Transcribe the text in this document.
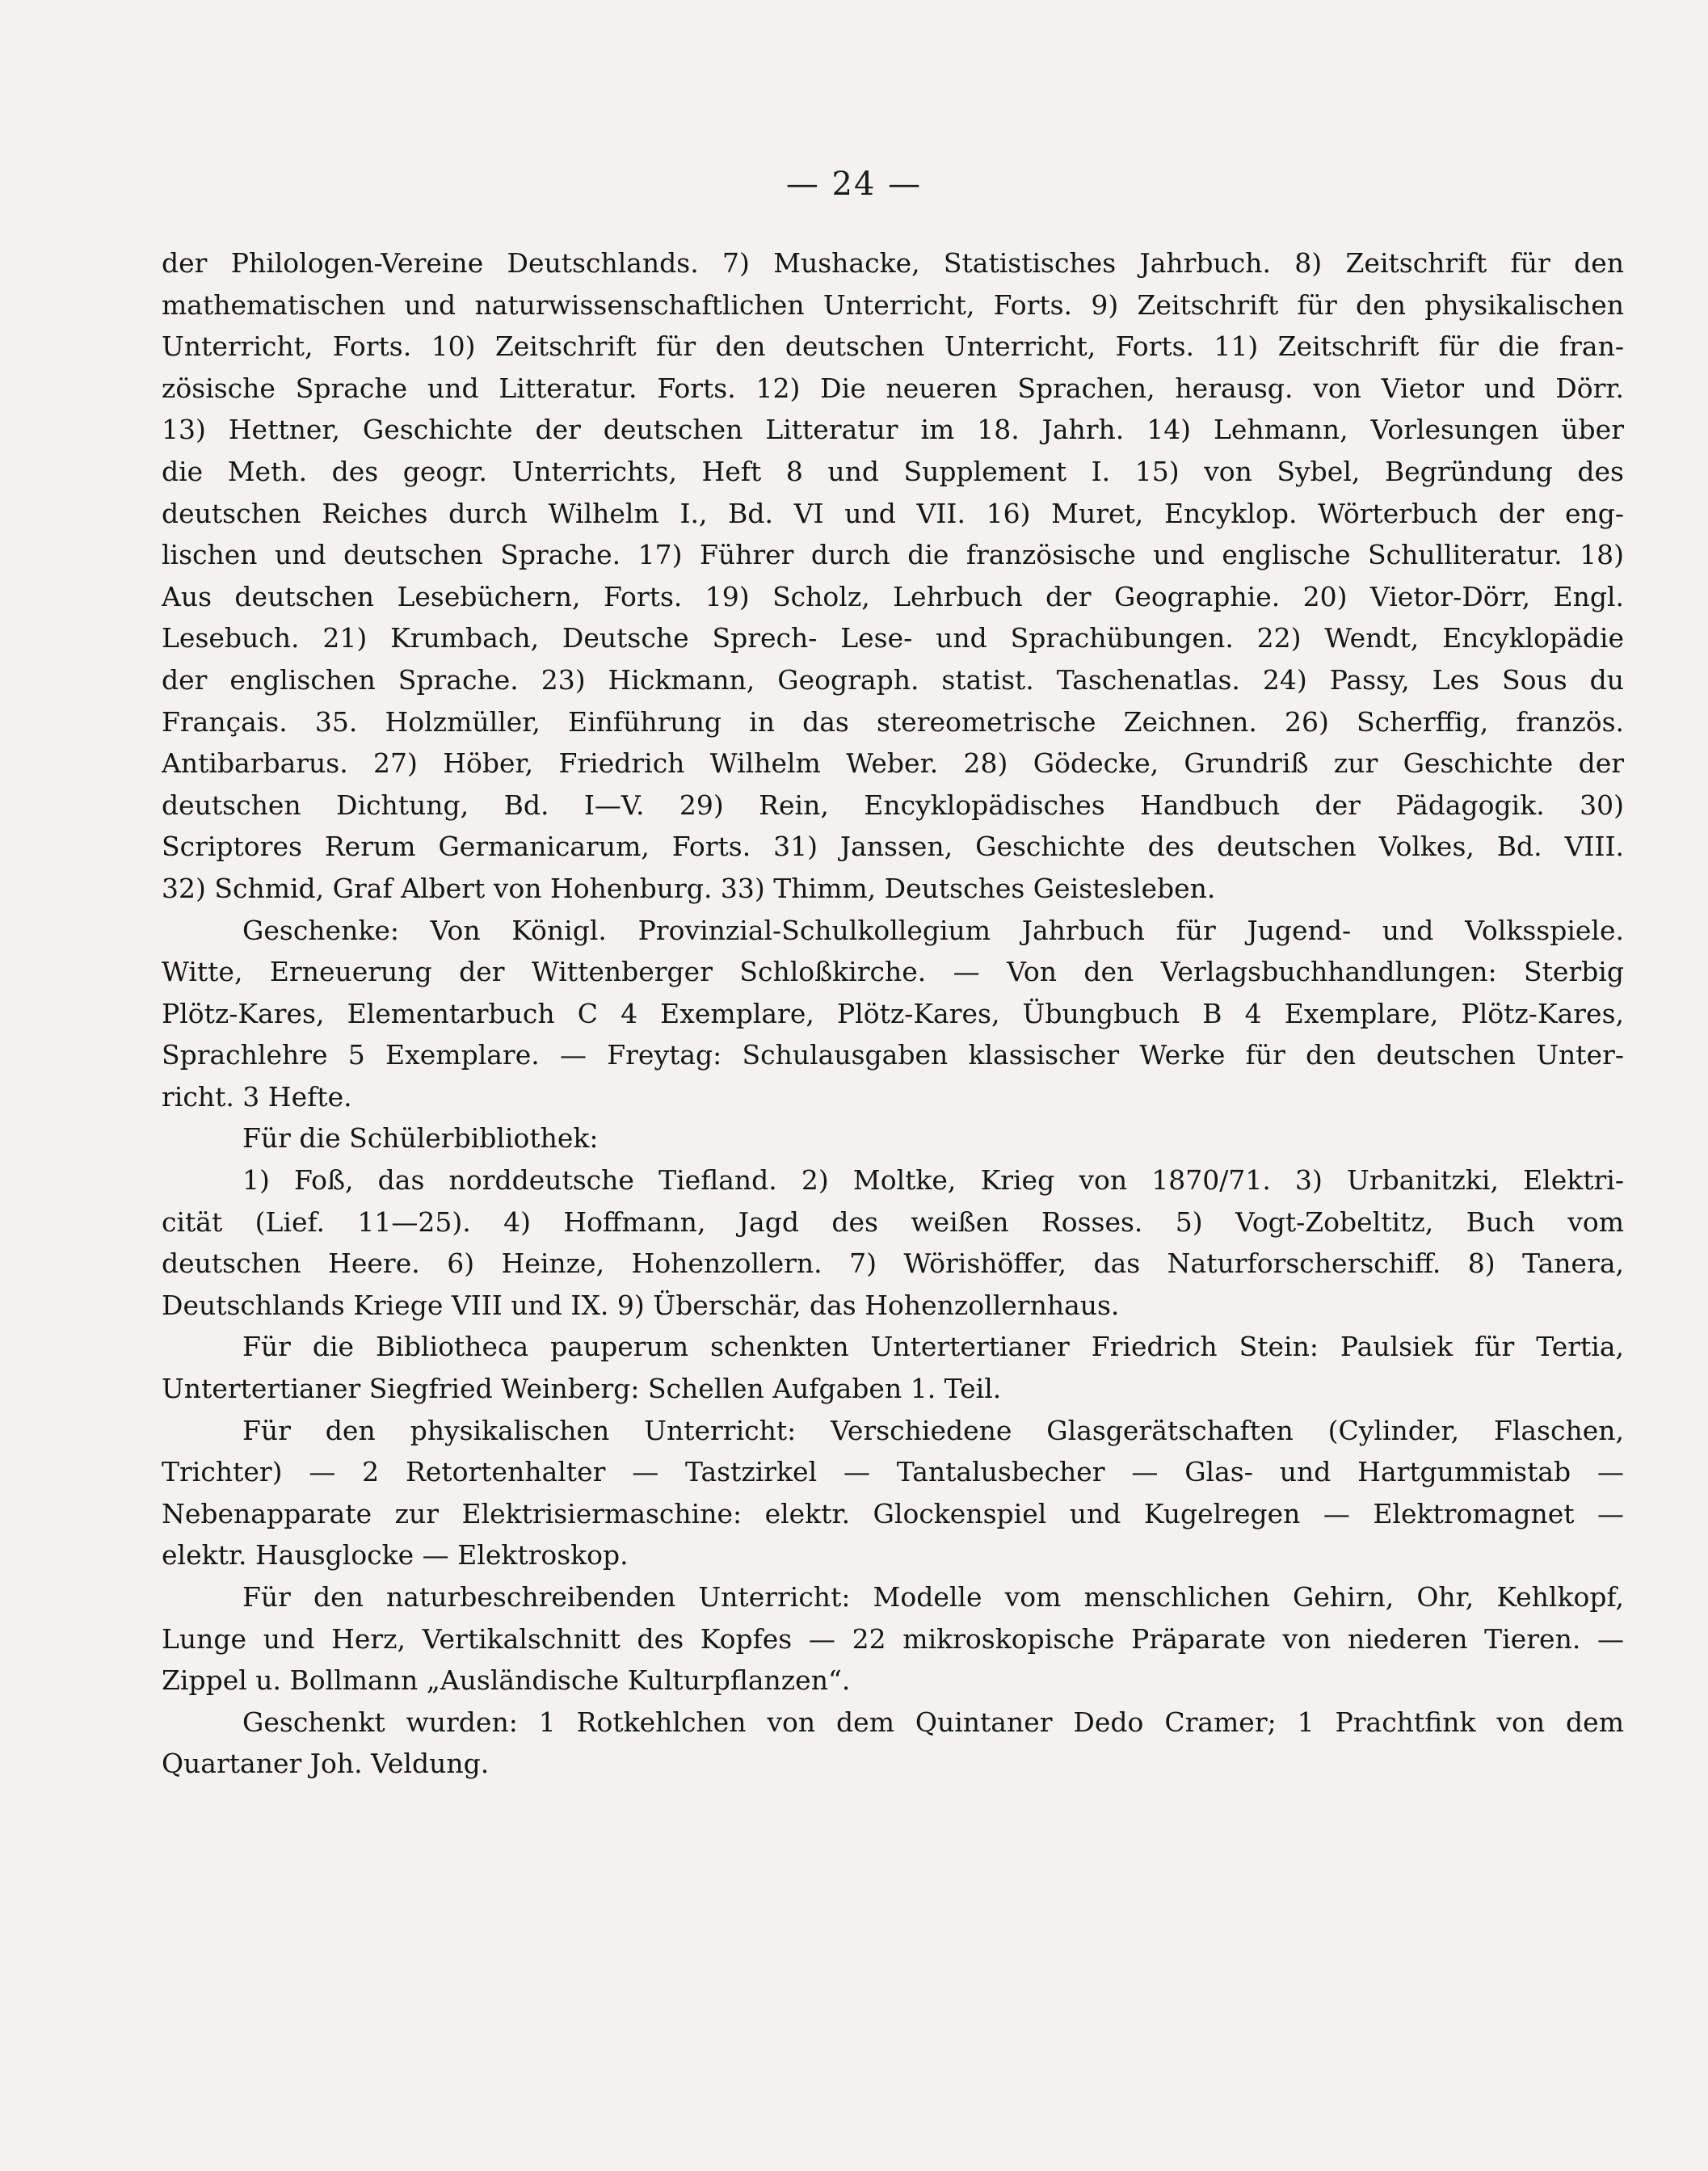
— 24 —
der Philologen-Vereine Deutschlands. 7) Mushacke, Statistisches Jahrbuch. 8) Zeitschrift für den
mathematischen und naturwissenschaftlichen Unterricht, Forts. 9) Zeitschrift für den physikalischen
Unterricht, Forts. 10) Zeitschrift für den deutschen Unterricht, Forts. 11) Zeitschrift für die fran-
zösische Sprache und Litteratur. Forts. 12) Die neueren Sprachen, herausg. von Vietor und Dörr.
13) Hettner, Geschichte der deutschen Litteratur im 18. Jahrh. 14) Lehmann, Vorlesungen über
die Meth. des geogr. Unterrichts, Heft 8 und Supplement I. 15) von Sybel, Begründung des
deutschen Reiches durch Wilhelm I., Bd. VI und VII. 16) Muret, Encyklop. Wörterbuch der eng-
lischen und deutschen Sprache. 17) Führer durch die französische und englische Schulliteratur. 18)
Aus deutschen Lesebüchern, Forts. 19) Scholz, Lehrbuch der Geographie. 20) Vietor-Dörr, Engl.
Lesebuch. 21) Krumbach, Deutsche Sprech- Lese- und Sprachübungen. 22) Wendt, Encyklopädie
der englischen Sprache. 23) Hickmann, Geograph. statist. Taschenatlas. 24) Passy, Les Sous du
Français. 35. Holzmüller, Einführung in das stereometrische Zeichnen. 26) Scherffig, französ.
Antibarbarus. 27) Höber, Friedrich Wilhelm Weber. 28) Gödecke, Grundriß zur Geschichte der
deutschen Dichtung, Bd. I—V. 29) Rein, Encyklopädisches Handbuch der Pädagogik. 30)
Scriptores Rerum Germanicarum, Forts. 31) Janssen, Geschichte des deutschen Volkes, Bd. VIII.
32) Schmid, Graf Albert von Hohenburg. 33) Thimm, Deutsches Geistesleben.
Geschenke: Von Königl. Provinzial-Schulkollegium Jahrbuch für Jugend- und Volksspiele.
Witte, Erneuerung der Wittenberger Schloßkirche. — Von den Verlagsbuchhandlungen: Sterbig
Plötz-Kares, Elementarbuch C 4 Exemplare, Plötz-Kares, Übungbuch B 4 Exemplare, Plötz-Kares,
Sprachlehre 5 Exemplare. — Freytag: Schulausgaben klassischer Werke für den deutschen Unter-
richt. 3 Hefte.
Für die Schülerbibliothek:
1) Foß, das norddeutsche Tiefland. 2) Moltke, Krieg von 1870/71. 3) Urbanitzki, Elektri-
cität (Lief. 11—25). 4) Hoffmann, Jagd des weißen Rosses. 5) Vogt-Zobeltitz, Buch vom
deutschen Heere. 6) Heinze, Hohenzollern. 7) Wörishöffer, das Naturforscherschiff. 8) Tanera,
Deutschlands Kriege VIII und IX. 9) Überschär, das Hohenzollernhaus.
Für die Bibliotheca pauperum schenkten Untertertianer Friedrich Stein: Paulsiek für Tertia,
Untertertianer Siegfried Weinberg: Schellen Aufgaben 1. Teil.
Für den physikalischen Unterricht: Verschiedene Glasgerätschaften (Cylinder, Flaschen,
Trichter) — 2 Retortenhalter — Tastzirkel — Tantalusbecher — Glas- und Hartgummistab —
Nebenapparate zur Elektrisiermaschine: elektr. Glockenspiel und Kugelregen — Elektromagnet —
elektr. Hausglocke — Elektroskop.
Für den naturbeschreibenden Unterricht: Modelle vom menschlichen Gehirn, Ohr, Kehlkopf,
Lunge und Herz, Vertikalschnitt des Kopfes — 22 mikroskopische Präparate von niederen Tieren. —
Zippel u. Bollmann „Ausländische Kulturpflanzen“.
Geschenkt wurden: 1 Rotkehlchen von dem Quintaner Dedo Cramer; 1 Prachtfink von dem
Quartaner Joh. Veldung.
